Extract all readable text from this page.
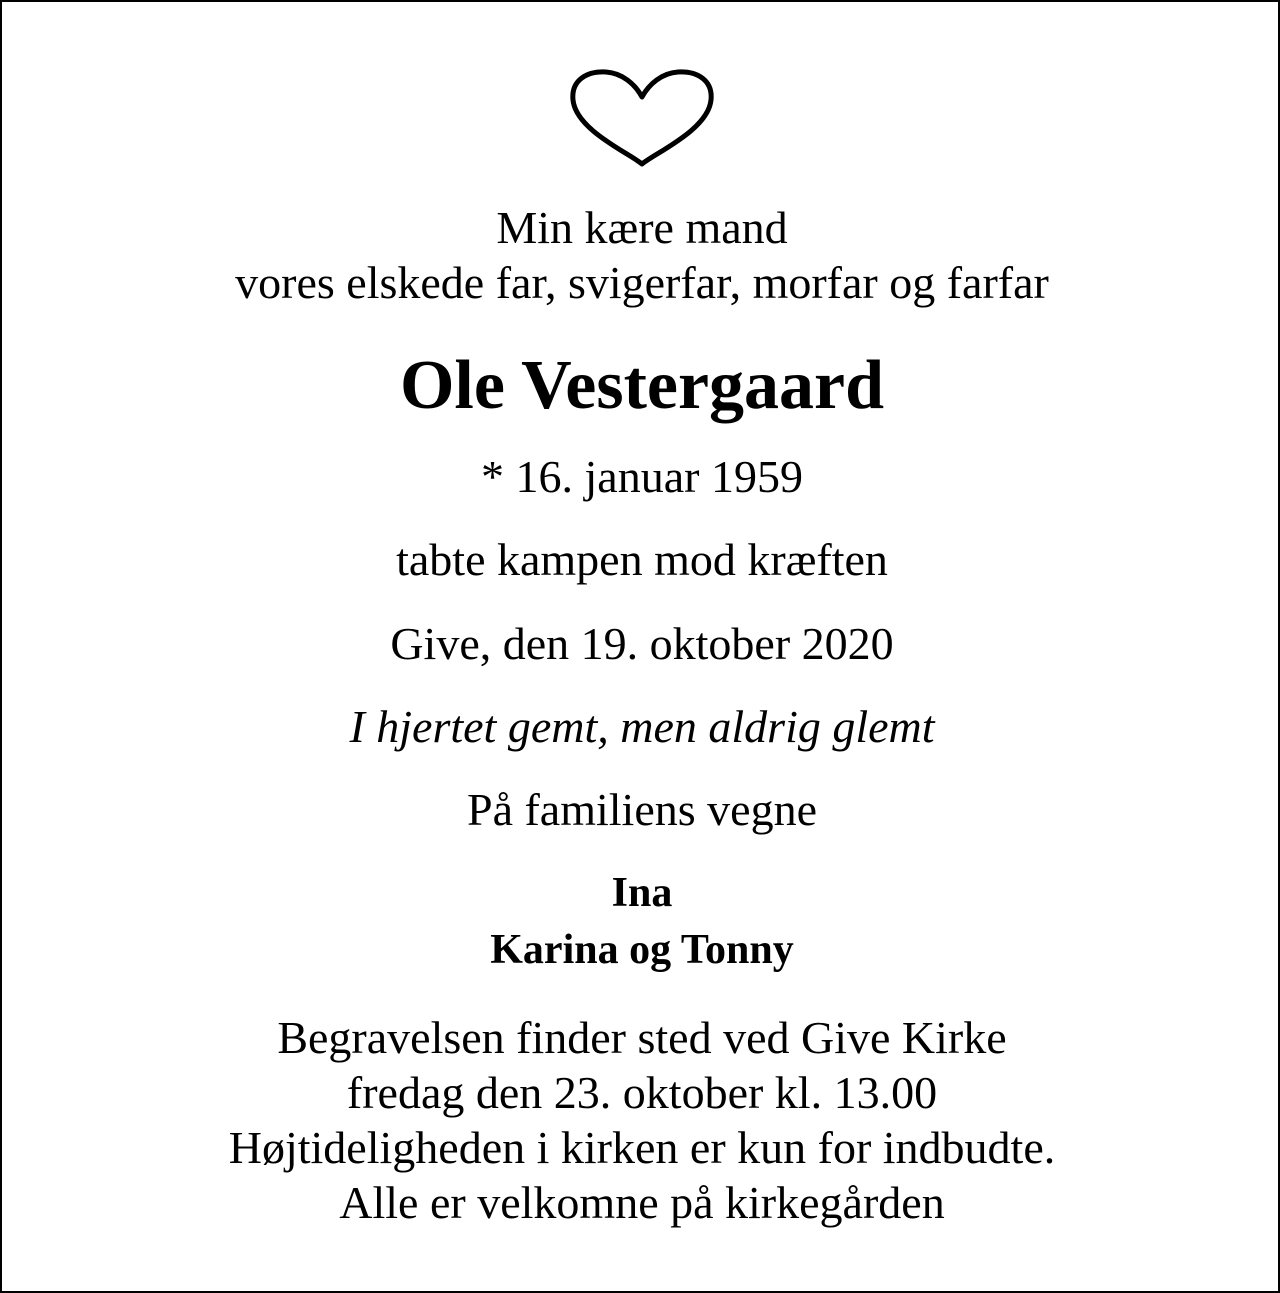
Min kære mand
vores elskede far, svigerfar, morfar og farfar
Ole Vestergaard
* 16. januar 1959
tabte kampen mod kræften
Give, den 19. oktober 2020
I hjertet gemt, men aldrig glemt
På familiens vegne
Ina
Karina og Tonny
Begravelsen finder sted ved Give Kirke
fredag den 23. oktober kl. 13.00
Højtideligheden i kirken er kun for indbudte.
Alle er velkomne på kirkegården
